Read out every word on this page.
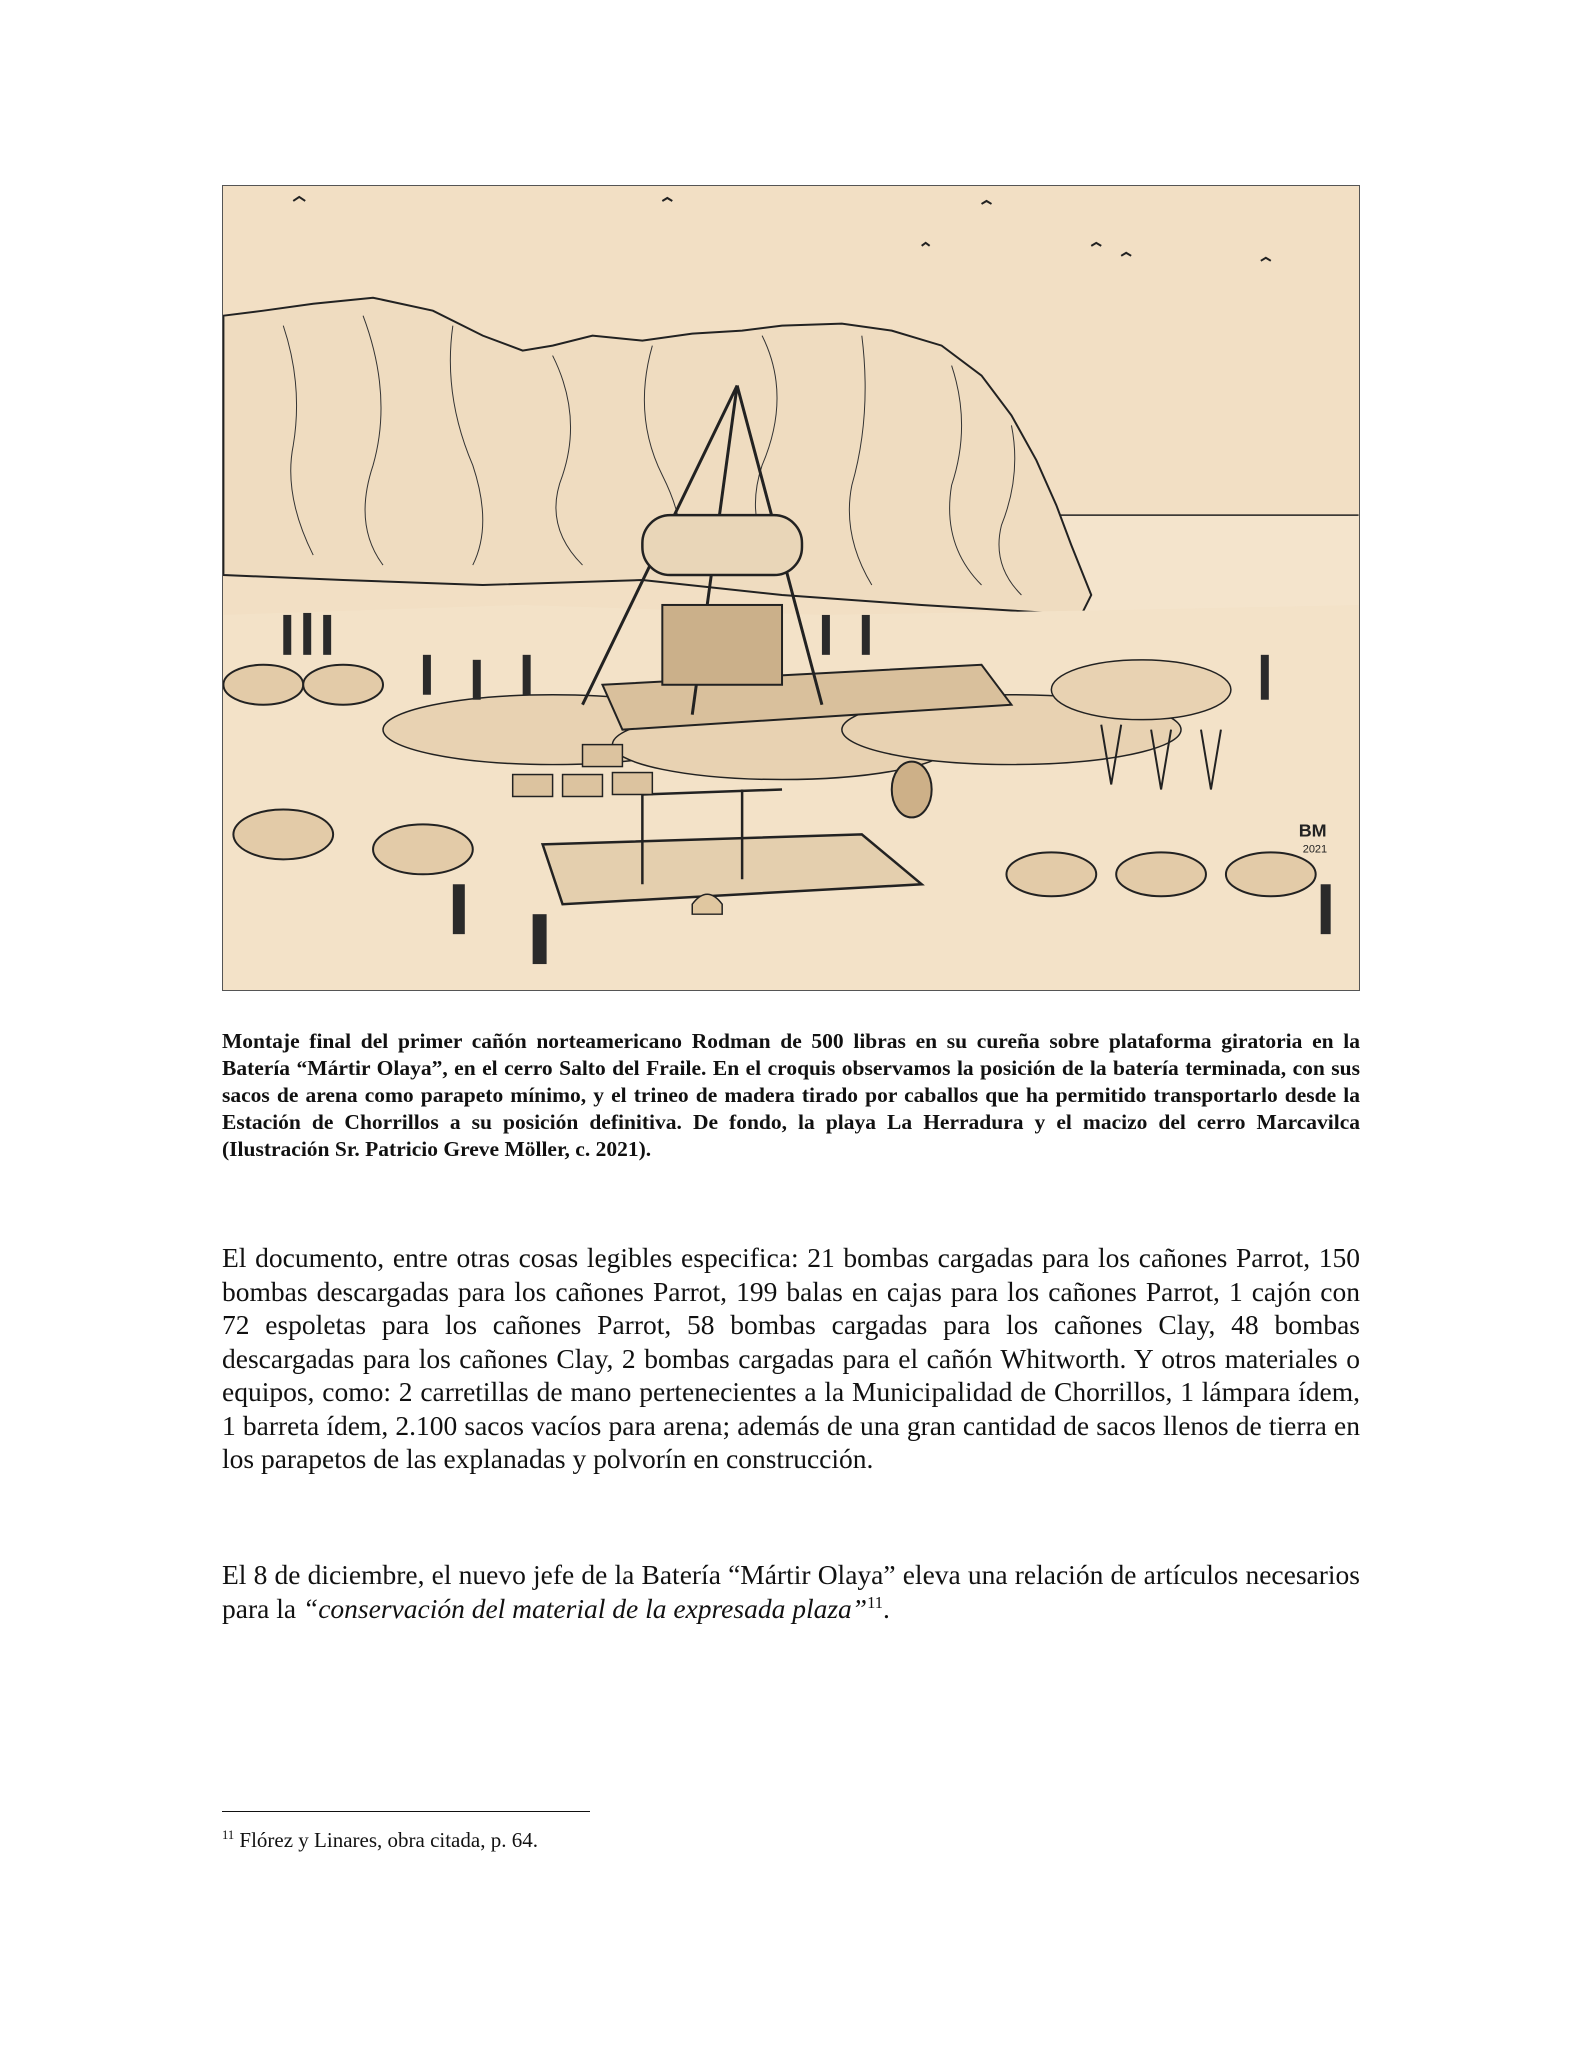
BM
2021

Montaje final del primer cañón norteamericano Rodman de 500 libras en su cureña sobre plataforma giratoria en la Batería “Mártir Olaya”, en el cerro Salto del Fraile. En el croquis observamos la posición de la batería terminada, con sus sacos de arena como parapeto mínimo, y el trineo de madera tirado por caballos que ha permitido transportarlo desde la Estación de Chorrillos a su posición definitiva. De fondo, la playa La Herradura y el macizo del cerro Marcavilca (Ilustración Sr. Patricio Greve Möller, c. 2021).

El documento, entre otras cosas legibles especifica: 21 bombas cargadas para los cañones Parrot, 150 bombas descargadas para los cañones Parrot, 199 balas en cajas para los cañones Parrot, 1 cajón con 72 espoletas para los cañones Parrot, 58 bombas cargadas para los cañones Clay, 48 bombas descargadas para los cañones Clay, 2 bombas cargadas para el cañón Whitworth. Y otros materiales o equipos, como: 2 carretillas de mano pertenecientes a la Municipalidad de Chorrillos, 1 lámpara ídem, 1 barreta ídem, 2.100 sacos vacíos para arena; además de una gran cantidad de sacos llenos de tierra en los parapetos de las explanadas y polvorín en construcción.

El 8 de diciembre, el nuevo jefe de la Batería “Mártir Olaya” eleva una relación de artículos necesarios para la “conservación del material de la expresada plaza”$^{11}$.

$^{11}$ Flórez y Linares, obra citada, p. 64.
